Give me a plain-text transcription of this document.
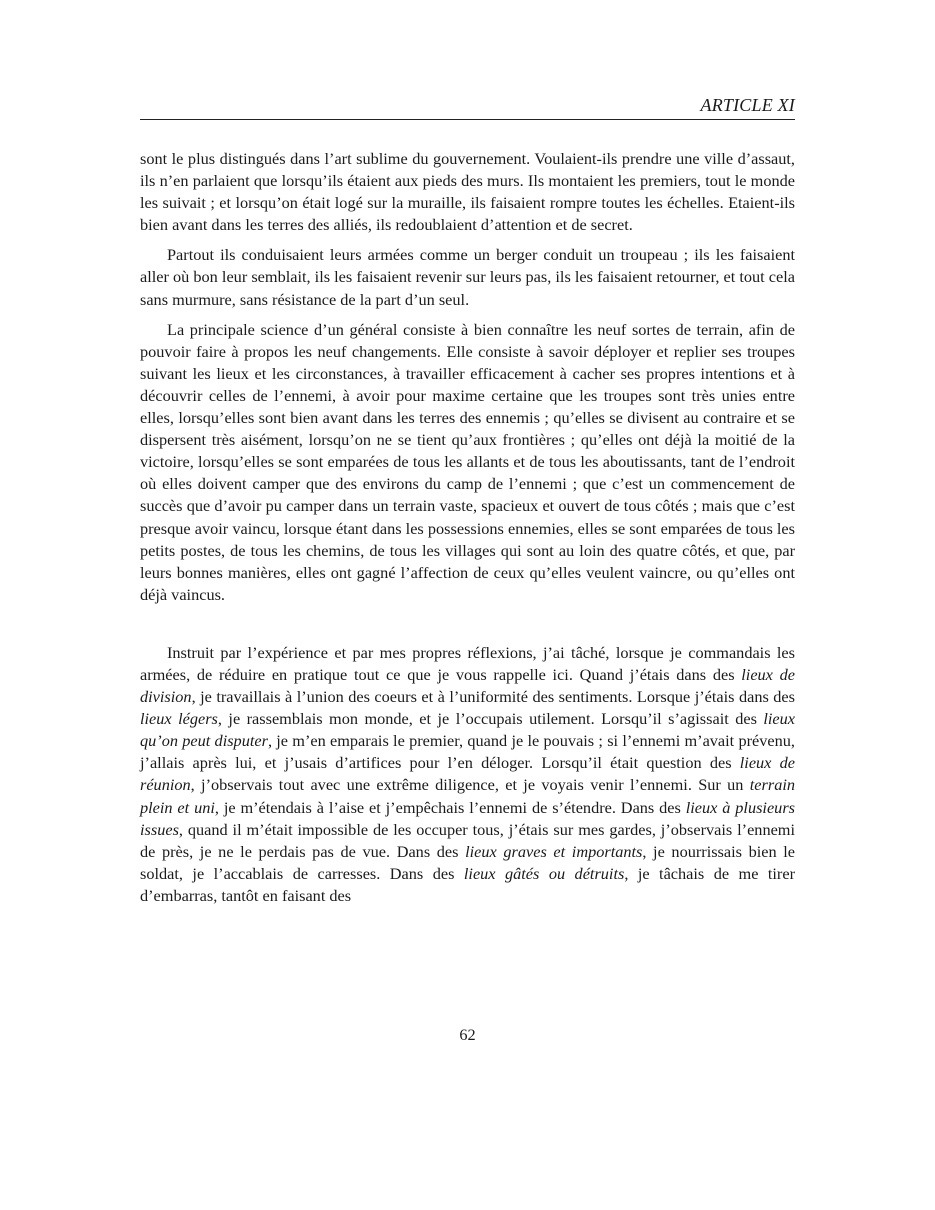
ARTICLE XI

sont le plus distingués dans l’art sublime du gouvernement. Voulaient-ils prendre une ville d’assaut, ils n’en parlaient que lorsqu’ils étaient aux pieds des murs. Ils montaient les premiers, tout le monde les suivait ; et lorsqu’on était logé sur la muraille, ils faisaient rompre toutes les échelles. Etaient-ils bien avant dans les terres des alliés, ils redoublaient d’attention et de secret.

Partout ils conduisaient leurs armées comme un berger conduit un troupeau ; ils les faisaient aller où bon leur semblait, ils les faisaient revenir sur leurs pas, ils les faisaient retourner, et tout cela sans murmure, sans résistance de la part d’un seul.

La principale science d’un général consiste à bien connaître les neuf sortes de terrain, afin de pouvoir faire à propos les neuf changements. Elle consiste à savoir déployer et replier ses troupes suivant les lieux et les circonstances, à travailler efficacement à cacher ses propres intentions et à découvrir celles de l’ennemi, à avoir pour maxime certaine que les troupes sont très unies entre elles, lorsqu’elles sont bien avant dans les terres des ennemis ; qu’elles se divisent au contraire et se dispersent très aisément, lorsqu’on ne se tient qu’aux frontières ; qu’elles ont déjà la moitié de la victoire, lorsqu’elles se sont emparées de tous les allants et de tous les aboutissants, tant de l’endroit où elles doivent camper que des environs du camp de l’ennemi ; que c’est un commencement de succès que d’avoir pu camper dans un terrain vaste, spacieux et ouvert de tous côtés ; mais que c’est presque avoir vaincu, lorsque étant dans les possessions ennemies, elles se sont emparées de tous les petits postes, de tous les chemins, de tous les villages qui sont au loin des quatre côtés, et que, par leurs bonnes manières, elles ont gagné l’affection de ceux qu’elles veulent vaincre, ou qu’elles ont déjà vaincus.

Instruit par l’expérience et par mes propres réflexions, j’ai tâché, lorsque je commandais les armées, de réduire en pratique tout ce que je vous rappelle ici. Quand j’étais dans des lieux de division, je travaillais à l’union des coeurs et à l’uniformité des sentiments. Lorsque j’étais dans des lieux légers, je rassemblais mon monde, et je l’occupais utilement. Lorsqu’il s’agissait des lieux qu’on peut disputer, je m’en emparais le premier, quand je le pouvais ; si l’ennemi m’avait prévenu, j’allais après lui, et j’usais d’artifices pour l’en déloger. Lorsqu’il était question des lieux de réunion, j’observais tout avec une extrême diligence, et je voyais venir l’ennemi. Sur un terrain plein et uni, je m’étendais à l’aise et j’empêchais l’ennemi de s’étendre. Dans des lieux à plusieurs issues, quand il m’était impossible de les occuper tous, j’étais sur mes gardes, j’observais l’ennemi de près, je ne le perdais pas de vue. Dans des lieux graves et importants, je nourrissais bien le soldat, je l’accablais de carresses. Dans des lieux gâtés ou détruits, je tâchais de me tirer d’embarras, tantôt en faisant des

62
